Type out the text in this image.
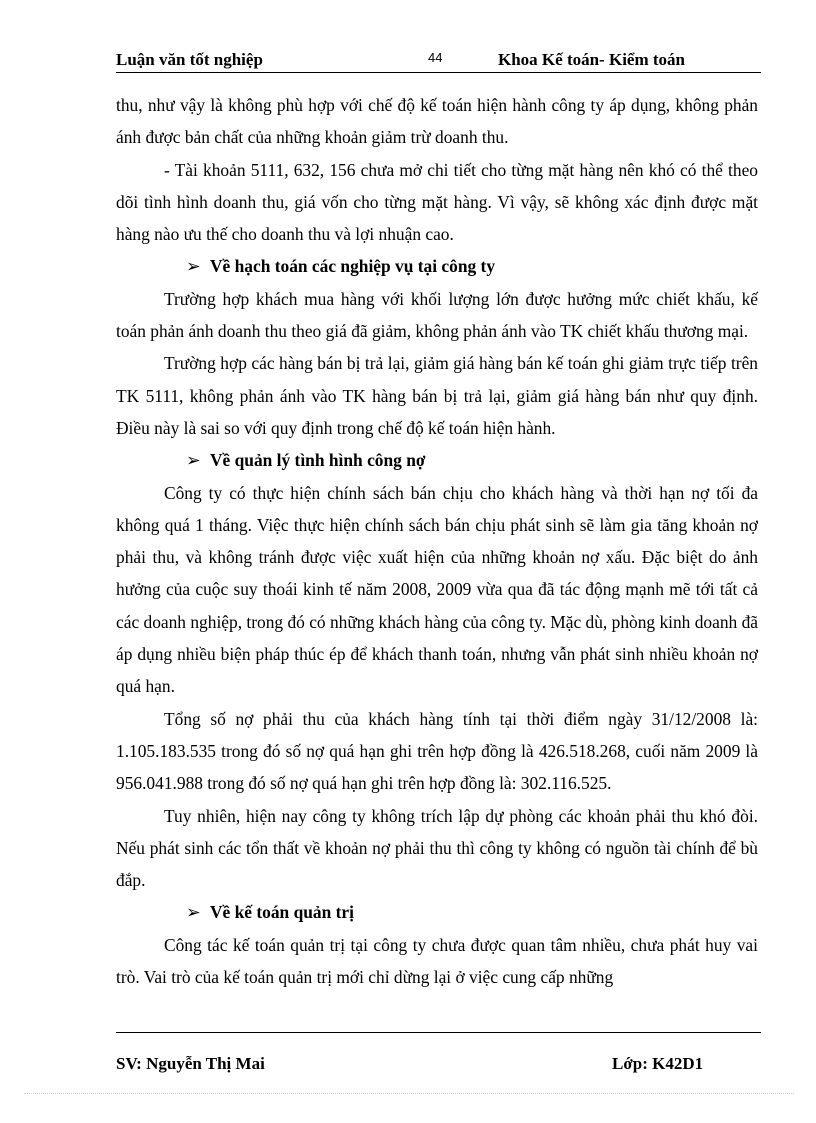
Luận văn tốt nghiệp	44	Khoa Kế toán- Kiểm toán

thu, như vậy là không phù hợp với chế độ kế toán hiện hành công ty áp dụng, không phản ánh được bản chất của những khoản giảm trừ doanh thu.

- Tài khoản 5111, 632, 156 chưa mở chi tiết cho từng mặt hàng nên khó có thể theo dõi tình hình doanh thu, giá vốn cho từng mặt hàng. Vì vậy, sẽ không xác định được mặt hàng nào ưu thế cho doanh thu và lợi nhuận cao.

➢ Về hạch toán các nghiệp vụ tại công ty

Trường hợp khách mua hàng với khối lượng lớn được hưởng mức chiết khấu, kế toán phản ánh doanh thu theo giá đã giảm, không phản ánh vào TK chiết khấu thương mại.

Trường hợp các hàng bán bị trả lại, giảm giá hàng bán kế toán ghi giảm trực tiếp trên TK 5111, không phản ánh vào TK hàng bán bị trả lại, giảm giá hàng bán như quy định. Điều này là sai so với quy định trong chế độ kế toán hiện hành.

➢ Về quản lý tình hình công nợ

Công ty có thực hiện chính sách bán chịu cho khách hàng và thời hạn nợ tối đa không quá 1 tháng. Việc thực hiện chính sách bán chịu phát sinh sẽ làm gia tăng khoản nợ phải thu, và không tránh được việc xuất hiện của những khoản nợ xấu. Đặc biệt do ảnh hưởng của cuộc suy thoái kinh tế năm 2008, 2009 vừa qua đã tác động mạnh mẽ tới tất cả các doanh nghiệp, trong đó có những khách hàng của công ty. Mặc dù, phòng kinh doanh đã áp dụng nhiều biện pháp thúc ép để khách thanh toán, nhưng vẫn phát sinh nhiều khoản nợ quá hạn.

Tổng số nợ phải thu của khách hàng tính tại thời điểm ngày 31/12/2008 là: 1.105.183.535 trong đó số nợ quá hạn ghi trên hợp đồng là 426.518.268, cuối năm 2009 là 956.041.988 trong đó số nợ quá hạn ghi trên hợp đồng là: 302.116.525.

Tuy nhiên, hiện nay công ty không trích lập dự phòng các khoản phải thu khó đòi. Nếu phát sinh các tổn thất về khoản nợ phải thu thì công ty không có nguồn tài chính để bù đắp.

➢ Về kế toán quản trị

Công tác kế toán quản trị tại công ty chưa được quan tâm nhiều, chưa phát huy vai trò. Vai trò của kế toán quản trị mới chỉ dừng lại ở việc cung cấp những

SV: Nguyễn Thị Mai	Lớp: K42D1
